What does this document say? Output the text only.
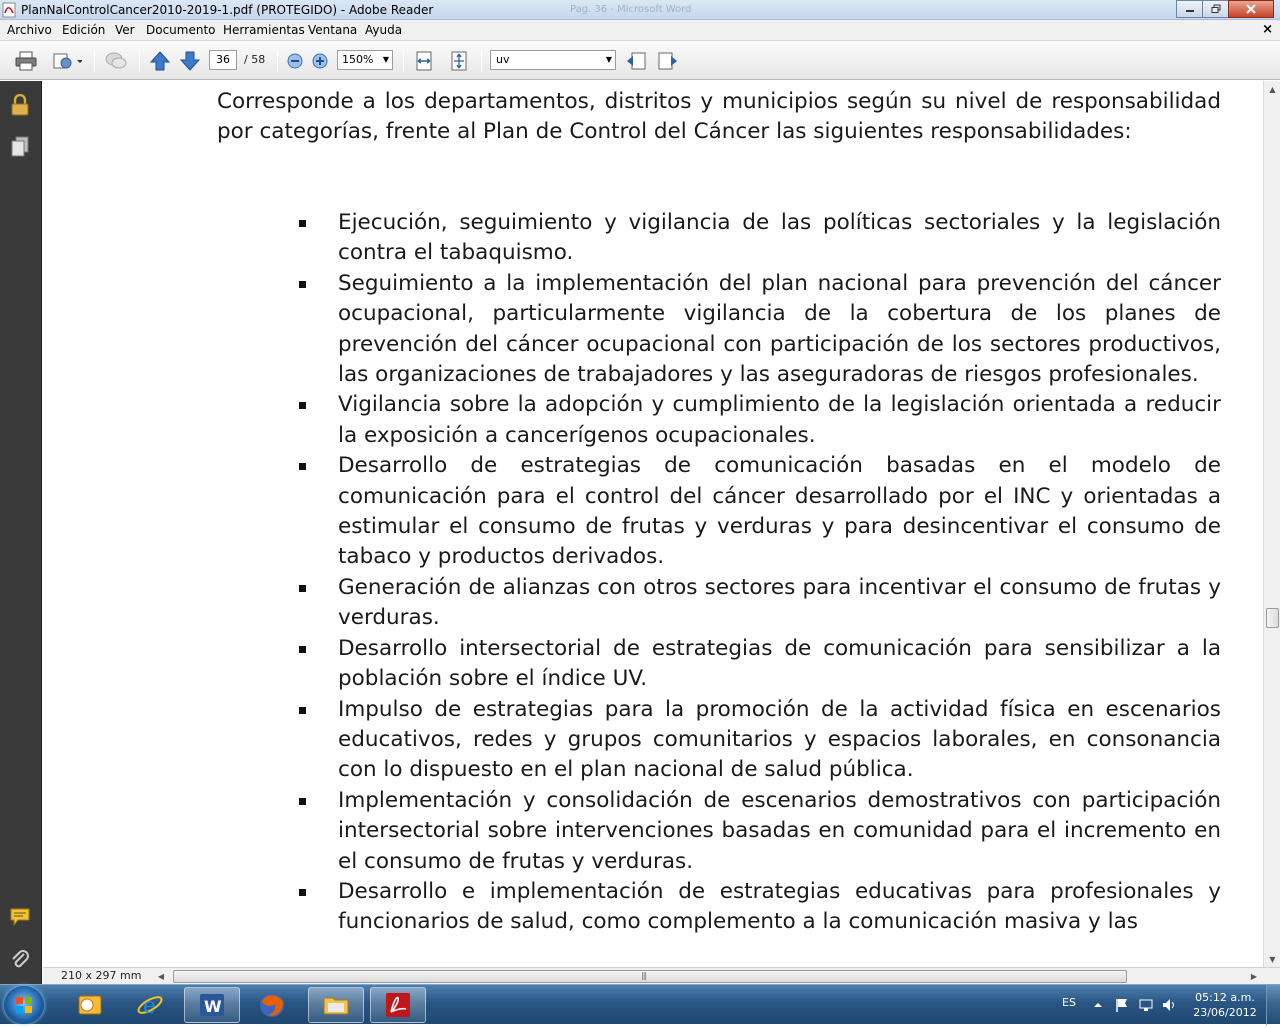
PlanNalControlCancer2010-2019-1.pdf (PROTEGIDO) - Adobe Reader	Pag. 36 - Microsoft Word
Archivo Edición Ver Documento Herramientas Ventana Ayuda	×
36	/ 58	150% ▼	uv	▼

Corresponde a los departamentos, distritos y municipios según su nivel de responsabilidad por categorías, frente al Plan de Control del Cáncer las siguientes responsabilidades:

Ejecución, seguimiento y vigilancia de las políticas sectoriales y la legislación contra el tabaquismo.
Seguimiento a la implementación del plan nacional para prevención del cáncer ocupacional, particularmente vigilancia de la cobertura de los planes de prevención del cáncer ocupacional con participación de los sectores productivos, las organizaciones de trabajadores y las aseguradoras de riesgos profesionales.
Vigilancia sobre la adopción y cumplimiento de la legislación orientada a reducir la exposición a cancerígenos ocupacionales.
Desarrollo de estrategias de comunicación basadas en el modelo de comunicación para el control del cáncer desarrollado por el INC y orientadas a estimular el consumo de frutas y verduras y para desincentivar el consumo de tabaco y productos derivados.
Generación de alianzas con otros sectores para incentivar el consumo de frutas y verduras.
Desarrollo intersectorial de estrategias de comunicación para sensibilizar a la población sobre el índice UV.
Impulso de estrategias para la promoción de la actividad física en escenarios educativos, redes y grupos comunitarios y espacios laborales, en consonancia con lo dispuesto en el plan nacional de salud pública.
Implementación y consolidación de escenarios demostrativos con participación intersectorial sobre intervenciones basadas en comunidad para el incremento en el consumo de frutas y verduras.
Desarrollo e implementación de estrategias educativas para profesionales y funcionarios de salud, como complemento a la comunicación masiva y las
▲
▼
210 x 297 mm	◀	|||	▶
e	W	ES	05:12 a.m.
23/06/2012
